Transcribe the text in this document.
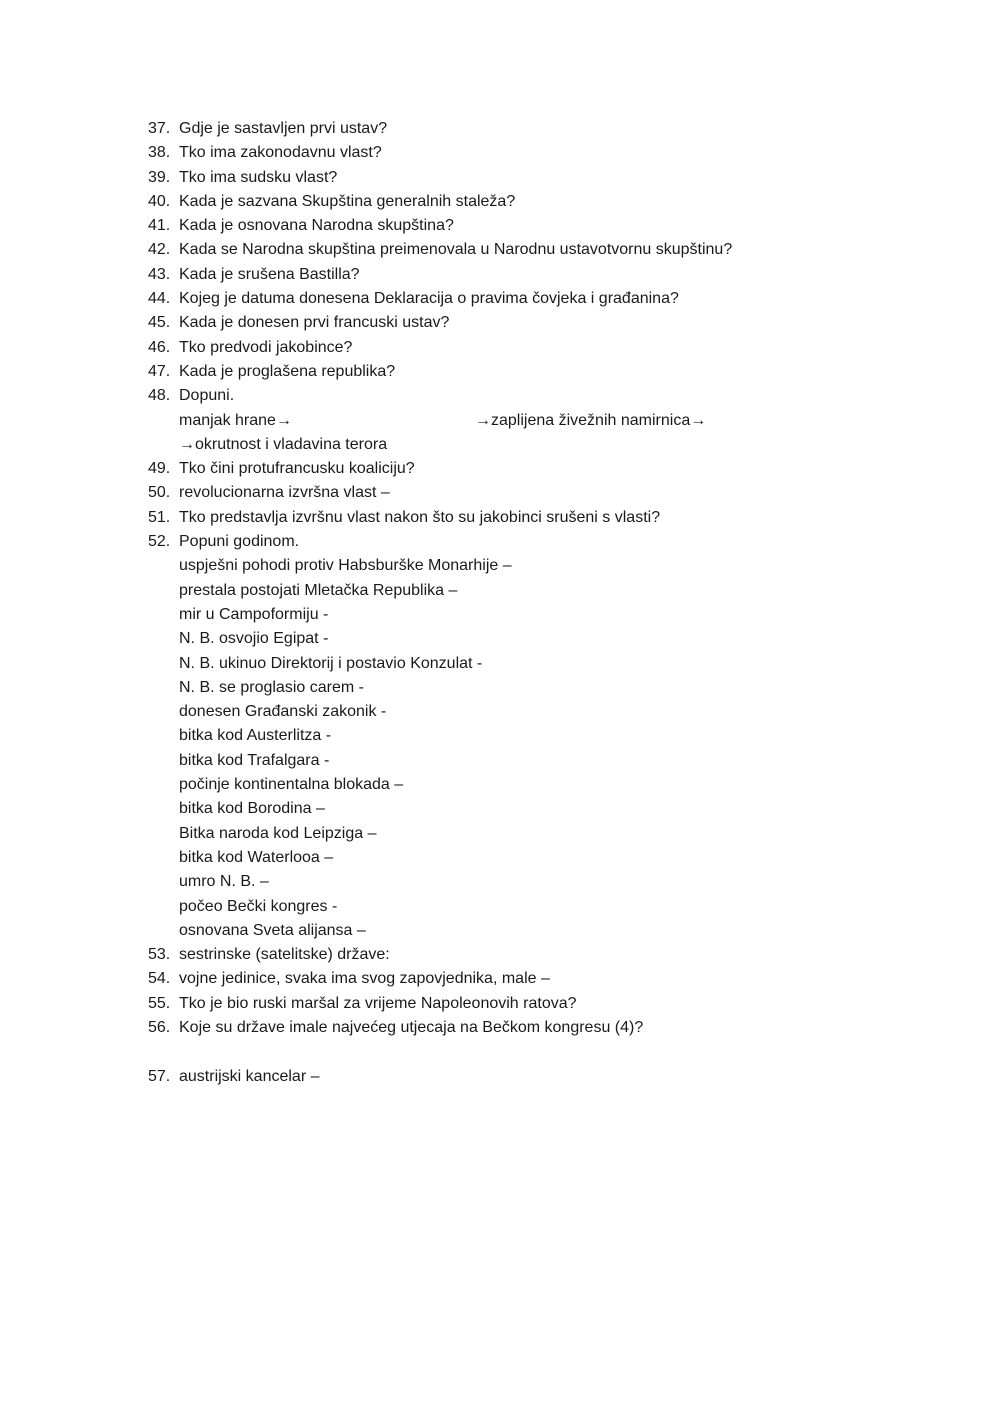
37. Gdje je sastavljen prvi ustav?
38. Tko ima zakonodavnu vlast?
39. Tko ima sudsku vlast?
40. Kada je sazvana Skupština generalnih staleža?
41. Kada je osnovana Narodna skupština?
42. Kada se Narodna skupština preimenovala u Narodnu ustavotvornu skupštinu?
43. Kada je srušena Bastilla?
44. Kojeg je datuma donesena Deklaracija o pravima čovjeka i građanina?
45. Kada je donesen prvi francuski ustav?
46. Tko predvodi jakobince?
47. Kada je proglašena republika?
48. Dopuni.
manjak hrane→	→zaplijena živežnih namirnica→
→okrutnost i vladavina terora
49. Tko čini protufrancusku koaliciju?
50. revolucionarna izvršna vlast –
51. Tko predstavlja izvršnu vlast nakon što su jakobinci srušeni s vlasti?
52. Popuni godinom.
uspješni pohodi protiv Habsburške Monarhije –
prestala postojati Mletačka Republika –
mir u Campoformiju -
N. B. osvojio Egipat -
N. B. ukinuo Direktorij i postavio Konzulat -
N. B. se proglasio carem -
donesen Građanski zakonik -
bitka kod Austerlitza -
bitka kod Trafalgara -
počinje kontinentalna blokada –
bitka kod Borodina –
Bitka naroda kod Leipziga –
bitka kod Waterlooa –
umro N. B. –
počeo Bečki kongres -
osnovana Sveta alijansa –
53. sestrinske (satelitske) države:
54. vojne jedinice, svaka ima svog zapovjednika, male –
55. Tko je bio ruski maršal za vrijeme Napoleonovih ratova?
56. Koje su države imale najvećeg utjecaja na Bečkom kongresu (4)?
57. austrijski kancelar –
